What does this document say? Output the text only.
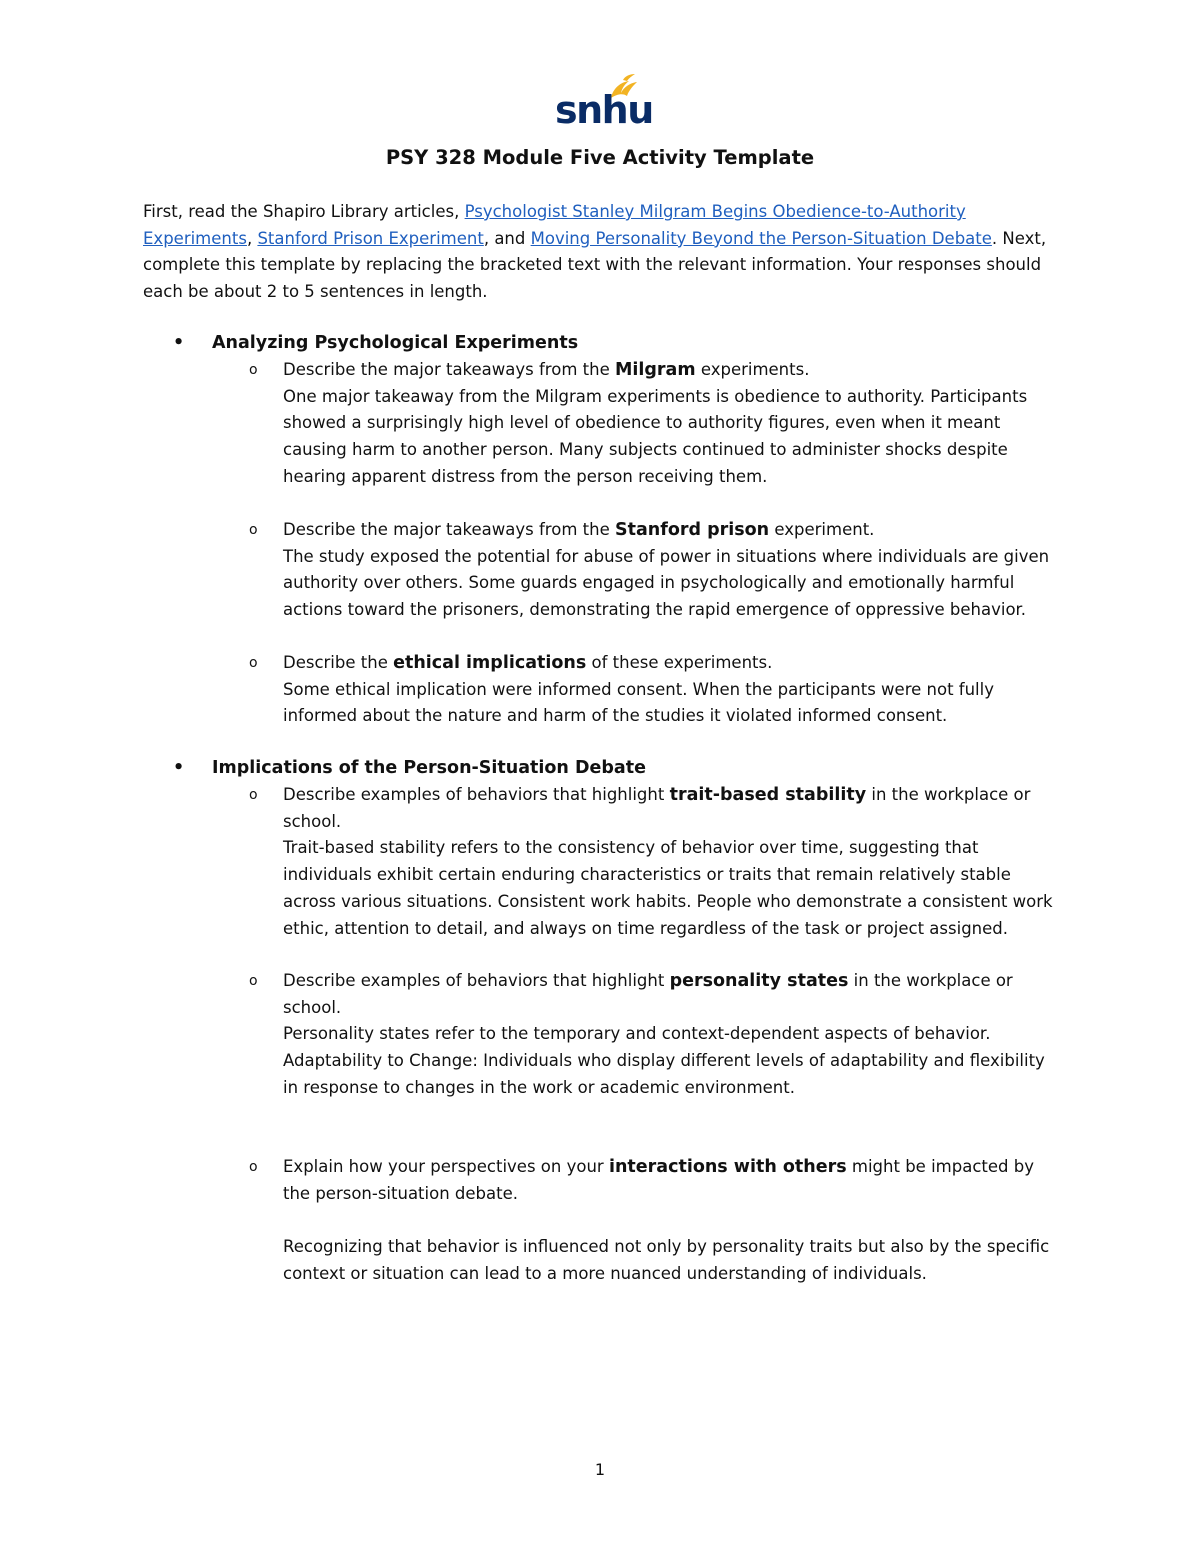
snhu
PSY 328 Module Five Activity Template
First, read the Shapiro Library articles, Psychologist Stanley Milgram Begins Obedience-to-Authority Experiments, Stanford Prison Experiment, and Moving Personality Beyond the Person-Situation Debate. Next, complete this template by replacing the bracketed text with the relevant information. Your responses should each be about 2 to 5 sentences in length.
• Analyzing Psychological Experiments
o Describe the major takeaways from the Milgram experiments.
One major takeaway from the Milgram experiments is obedience to authority. Participants showed a surprisingly high level of obedience to authority figures, even when it meant causing harm to another person. Many subjects continued to administer shocks despite hearing apparent distress from the person receiving them.
o Describe the major takeaways from the Stanford prison experiment.
The study exposed the potential for abuse of power in situations where individuals are given authority over others. Some guards engaged in psychologically and emotionally harmful actions toward the prisoners, demonstrating the rapid emergence of oppressive behavior.
o Describe the ethical implications of these experiments.
Some ethical implication were informed consent. When the participants were not fully informed about the nature and harm of the studies it violated informed consent.
• Implications of the Person-Situation Debate
o Describe examples of behaviors that highlight trait-based stability in the workplace or school.
Trait-based stability refers to the consistency of behavior over time, suggesting that individuals exhibit certain enduring characteristics or traits that remain relatively stable across various situations. Consistent work habits. People who demonstrate a consistent work ethic, attention to detail, and always on time regardless of the task or project assigned.
o Describe examples of behaviors that highlight personality states in the workplace or school.
Personality states refer to the temporary and context-dependent aspects of behavior.
Adaptability to Change: Individuals who display different levels of adaptability and flexibility in response to changes in the work or academic environment.
o Explain how your perspectives on your interactions with others might be impacted by the person-situation debate.
Recognizing that behavior is influenced not only by personality traits but also by the specific context or situation can lead to a more nuanced understanding of individuals.
1
